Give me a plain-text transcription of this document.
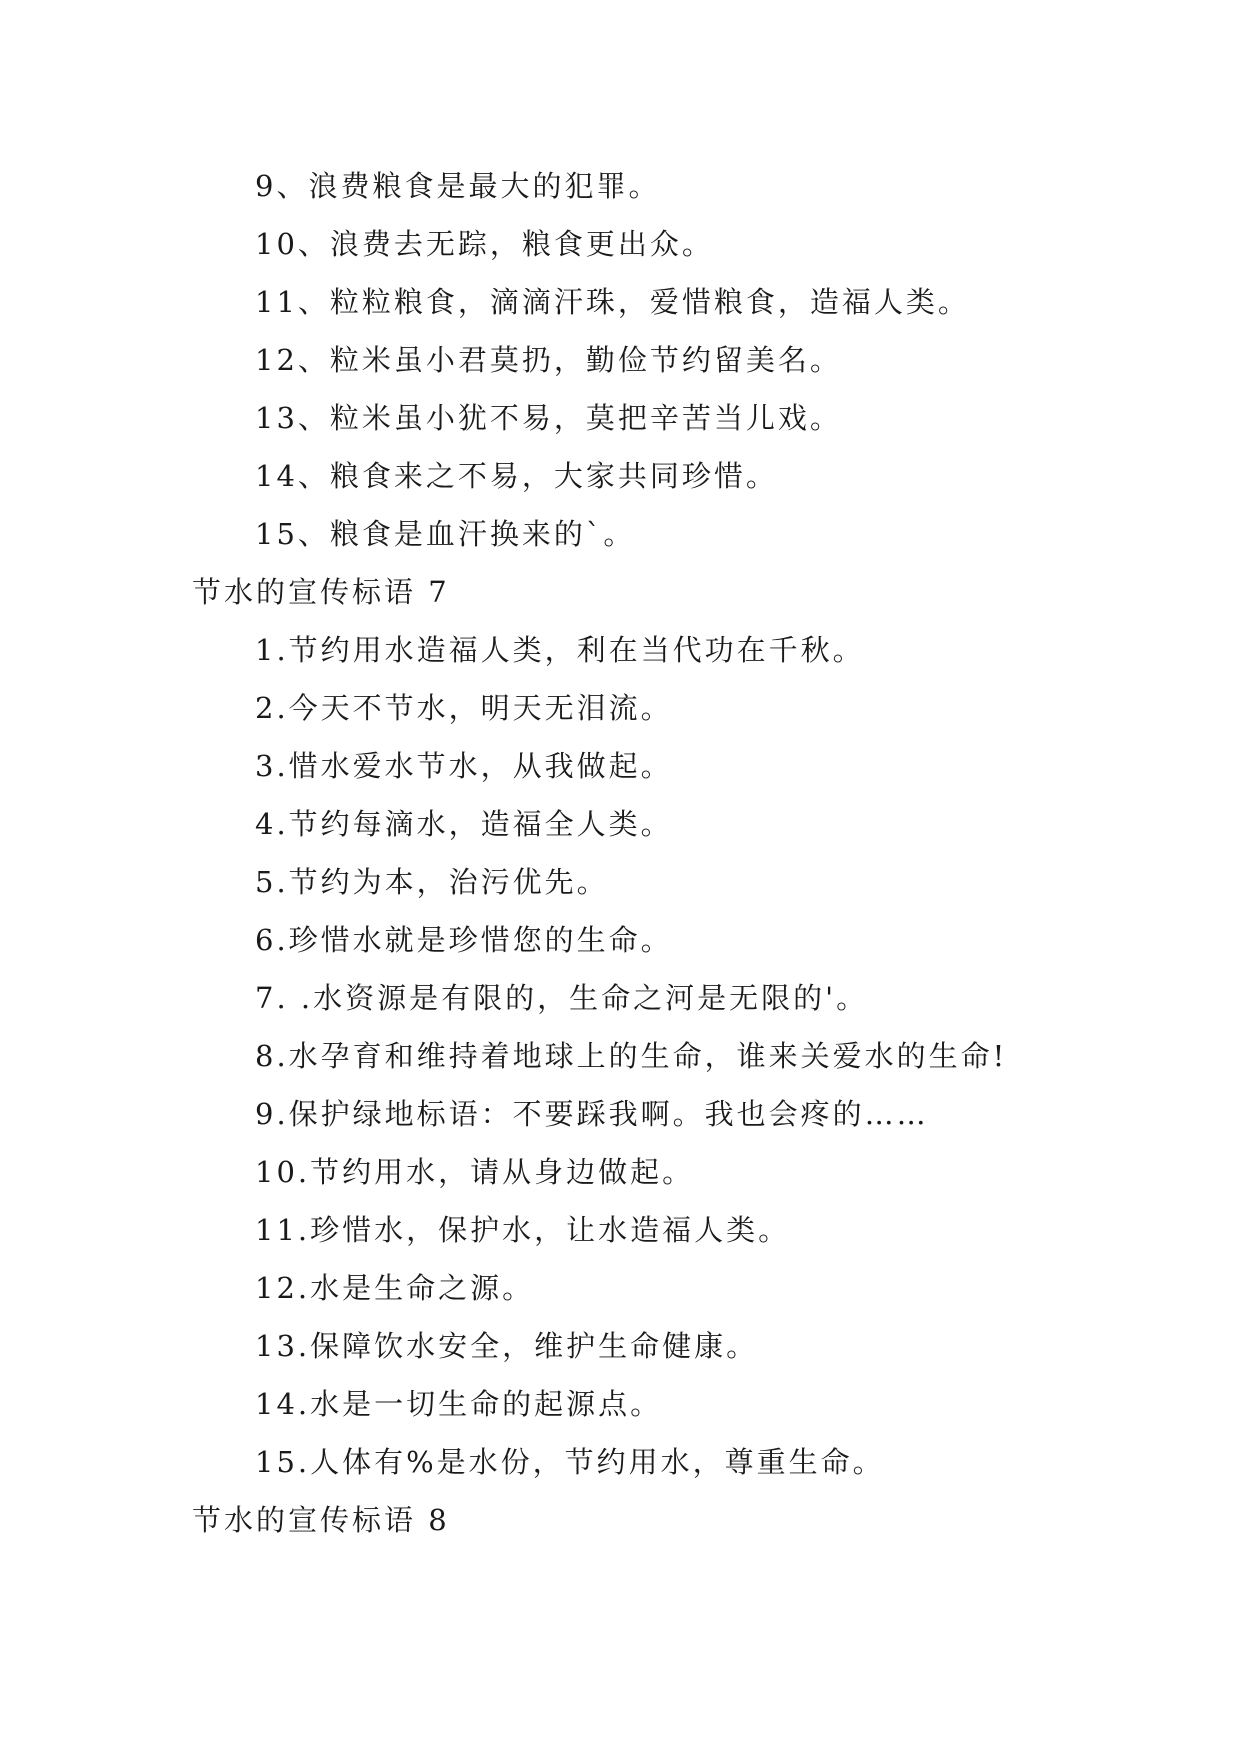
9、浪费粮食是最大的犯罪。
10、浪费去无踪，粮食更出众。
11、粒粒粮食，滴滴汗珠，爱惜粮食，造福人类。
12、粒米虽小君莫扔，勤俭节约留美名。
13、粒米虽小犹不易，莫把辛苦当儿戏。
14、粮食来之不易，大家共同珍惜。
15、粮食是血汗换来的`。
节水的宣传标语 7
1.节约用水造福人类，利在当代功在千秋。
2.今天不节水，明天无泪流。
3.惜水爱水节水，从我做起。
4.节约每滴水，造福全人类。
5.节约为本，治污优先。
6.珍惜水就是珍惜您的生命。
7. .水资源是有限的，生命之河是无限的'。
8.水孕育和维持着地球上的生命，谁来关爱水的生命!
9.保护绿地标语：不要踩我啊。我也会疼的……
10.节约用水，请从身边做起。
11.珍惜水，保护水，让水造福人类。
12.水是生命之源。
13.保障饮水安全，维护生命健康。
14.水是一切生命的起源点。
15.人体有%是水份，节约用水，尊重生命。
节水的宣传标语 8
